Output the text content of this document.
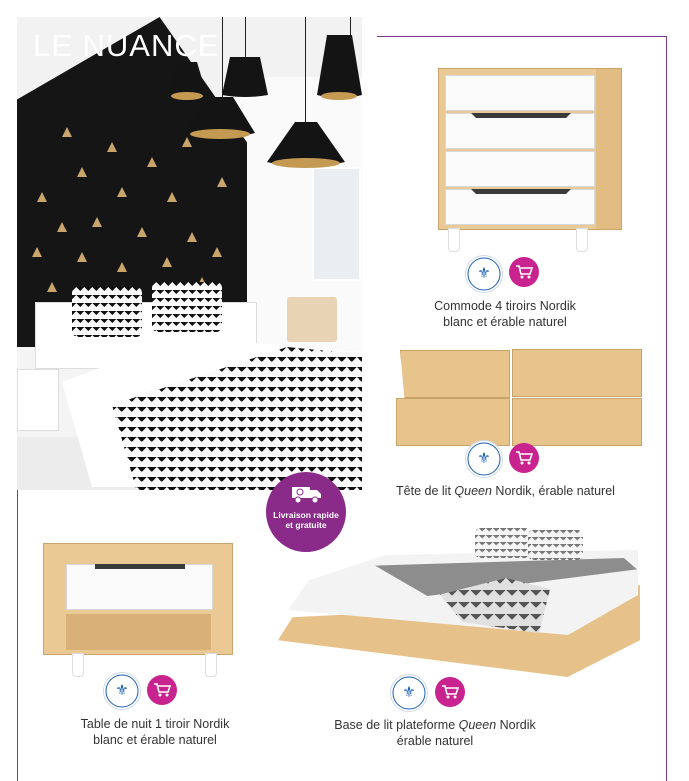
LE NUANCE
Livraison rapide et gratuite
⚜
Commode 4 tiroirs Nordik
blanc et érable naturel
⚜
Tête de lit Queen Nordik, érable naturel
⚜
Table de nuit 1 tiroir Nordik
blanc et érable naturel
⚜
Base de lit plateforme Queen Nordik
érable naturel
